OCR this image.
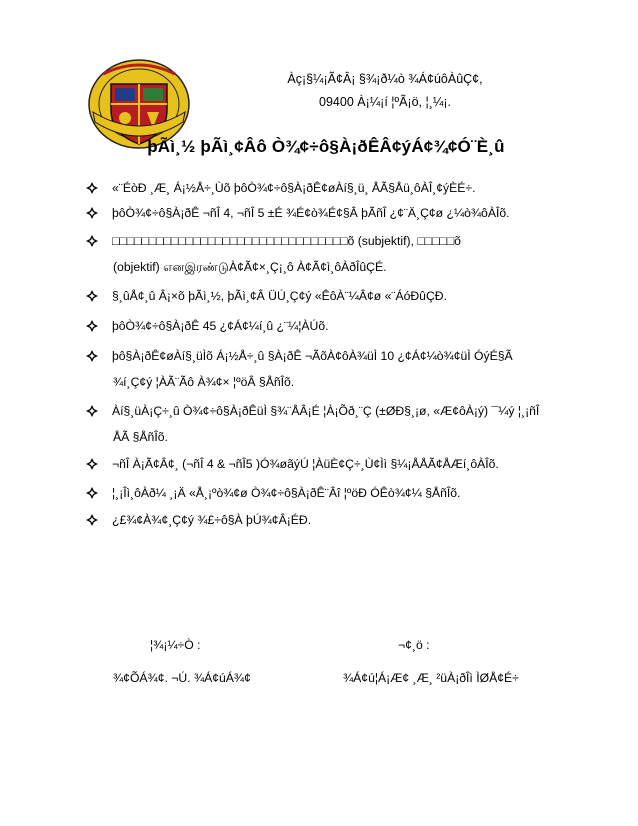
Àç¡§¼¡Ã¢Â¡ §¾¡ð¼ò ¾Á¢úôÀûÇ¢,
09400 À¡¼¡í ¦ºÃ¡ö, ¦¸¼¡.
þÃì¸½ þÃì¸¢Âô Ò¾¢÷ô§À¡ðÊÂ¢ýÁ¢¾¢Ó¨È¸û
«¨ÉòÐ ¸Æ¸ Á¡½Å÷¸Ùõ þôÒ¾¢÷ô§À¡ðÊ¢øÀí§¸ü¸ ÅÃ§Åü¸ôÀÎ¸¢ýÈÉ÷.
þôÒ¾¢÷ô§À¡ðÊ ¬ñÎ 4, ¬ñÎ 5 ±É ¾É¢ò¾É¢§Â þÃñÎ ¿¢¨Ä¸Ç¢ø ¿¼ò¾ôÀÎõ.
□□□□□□□□□□□□□□□□□□□□□□□□□□□□□□□□õ (subjektif), □□□□□õ
(objektif) எனஇரண்டுÀ¢Ã¢×¸Ç¡¸ô À¢Ã¢ì¸ôÀðÎûÇÉ.
§¸ûÅ¢¸û Â¡×õ þÃì¸½, þÃì¸¢Â ÜÚ¸Ç¢ý «ÊôÀ¨¼Â¢ø «¨ÁóÐûÇÐ.
þôÒ¾¢÷ô§À¡ðÊ 45 ¿¢Á¢¼í¸û ¿¨¼¦ÀÚõ.
þô§À¡ðÊ¢øÀí§¸üÌõ Á¡½Å÷¸û §À¡ðÊ ¬ÃõÀ¢ôÀ¾üÌ 10 ¿¢Á¢¼ò¾¢üÌ ÓýÉ§Ã
¾í¸Ç¢ý ¦ÀÃ¨Ãô À¾¢× ¦ºöÂ §ÅñÎõ.
Àí§¸üÀ¡Ç÷¸û Ò¾¢÷ô§À¡ðÊüÌ §¾¨ÅÂ¡É ¦À¡Õð¸¨Ç (±ØÐ§¸¡ø, «Æ¢ôÀ¡ý) ¯¼ý ¦¸¡ñÎ
ÅÃ §ÅñÎõ.
¬ñÎ À¡Ã¢Â¢¸ (¬ñÎ 4 & ¬ñÎ5 )Ó¾øãýÚ ¦ÀüÈ¢Ç÷¸Ù¢Ìì §¼¡ÅÅÃ¢ÅÆí¸ôÀÎõ.
¦¸¡Îì¸ôÀð¼ ¸¡Ä «Å¸¡ºò¾¢ø Ò¾¢÷ô§À¡ðÊ¨Âî ¦ºöÐ ÓÊò¾¢¼ §ÅñÎõ.
¿£¾¢À¾¢¸Ç¢ý ¾£÷ô§À þÚ¾¢Â¡ÉÐ.
¦¾¡¼÷Ò :	¬¢¸ö :
¾¢ÕÁ¾¢. ¬Ú. ¾Á¢úÁ¾¢	¾Á¢ú¦Á¡Æ¢ ¸Æ¸ ²üÀ¡ðÎì ÌØÅ¢É÷
